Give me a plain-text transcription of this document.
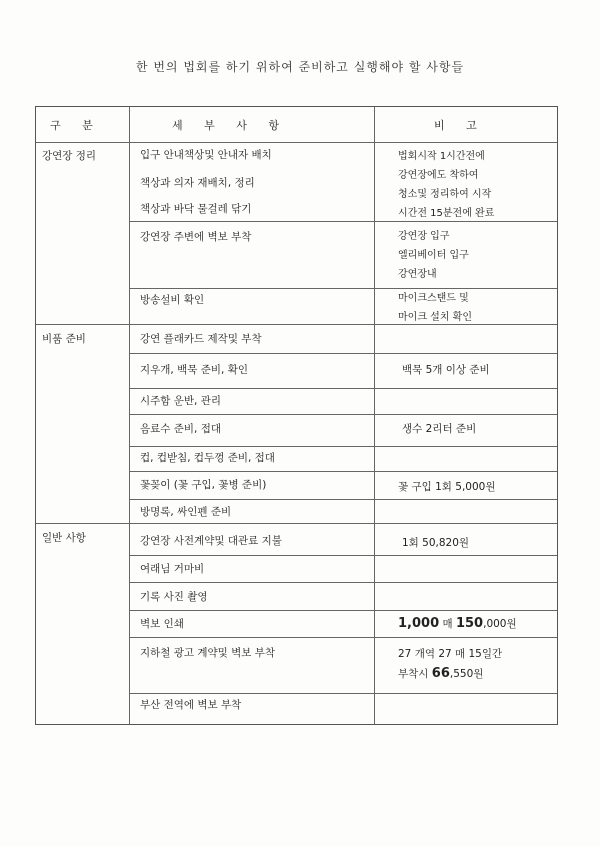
한 번의 법회를 하기 위하여 준비하고 실행해야 할 사항들
구 분	세 부 사 항	비 고
강연장 정리
비품 준비
일반 사항
입구 안내책상및 안내자 배치
책상과 의자 재배치, 정리
책상과 바닥 물걸레 닦기
강연장 주변에 벽보 부착
방송설비 확인
강연 플래카드 제작및 부착
지우개, 백묵 준비, 확인
시주함 운반, 관리
음료수 준비, 접대
컵, 컵받침, 컵두껑 준비, 접대
꽃꽂이 (꽃 구입, 꽃병 준비)
방명록, 싸인펜 준비
강연장 사전계약및 대관료 지불
여래님 거마비
기록 사진 촬영
벽보 인쇄
지하철 광고 계약및 벽보 부착
부산 전역에 벽보 부착
법회시작 1시간전에
강연장에도 착하여
청소및 정리하여 시작
시간전 15분전에 완료
강연장 입구
엘리베이터 입구
강연장내
마이크스탠드 및
마이크 설치 확인
백묵 5개 이상 준비
생수 2리터 준비
꽃 구입 1회 5,000원
1회 50,820원
1,000 매 150,000원
27 개역 27 매 15일간
부착시 66,550원
